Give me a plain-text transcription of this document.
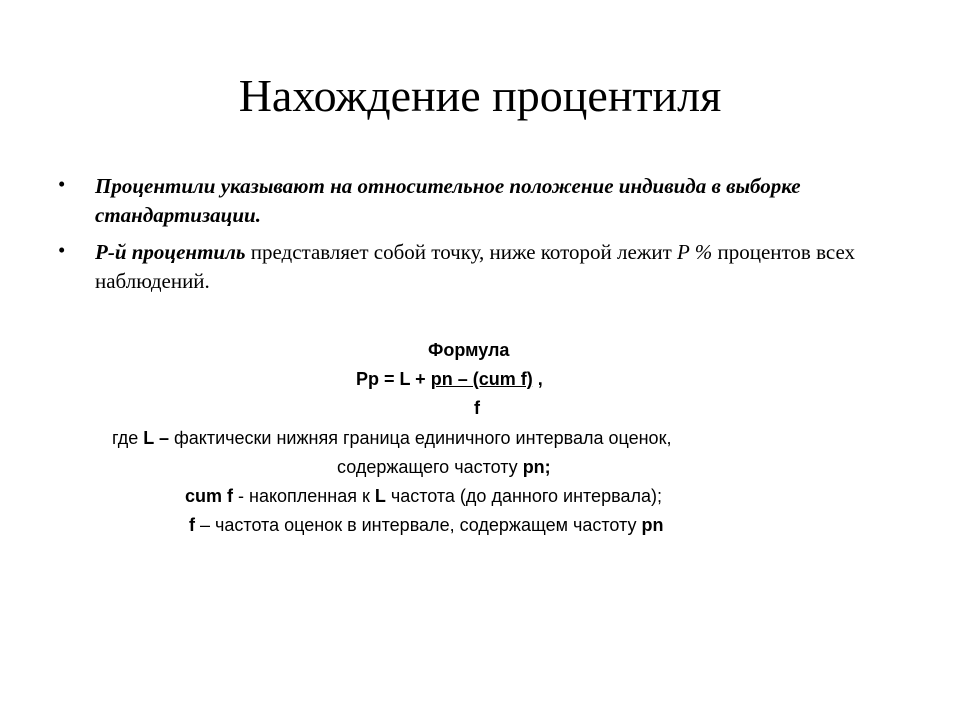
Нахождение процентиля
• Процентили указывают на относительное положение индивида в выборке стандартизации.
• P-й процентиль представляет собой точку, ниже которой лежит P % процентов всех наблюдений.
Формула
Pp = L + pn – (cum f) ,
f
где L – фактически нижняя граница единичного интервала оценок,
содержащего частоту pn;
cum f - накопленная к L частота (до данного интервала);
f – частота оценок в интервале, содержащем частоту pn
